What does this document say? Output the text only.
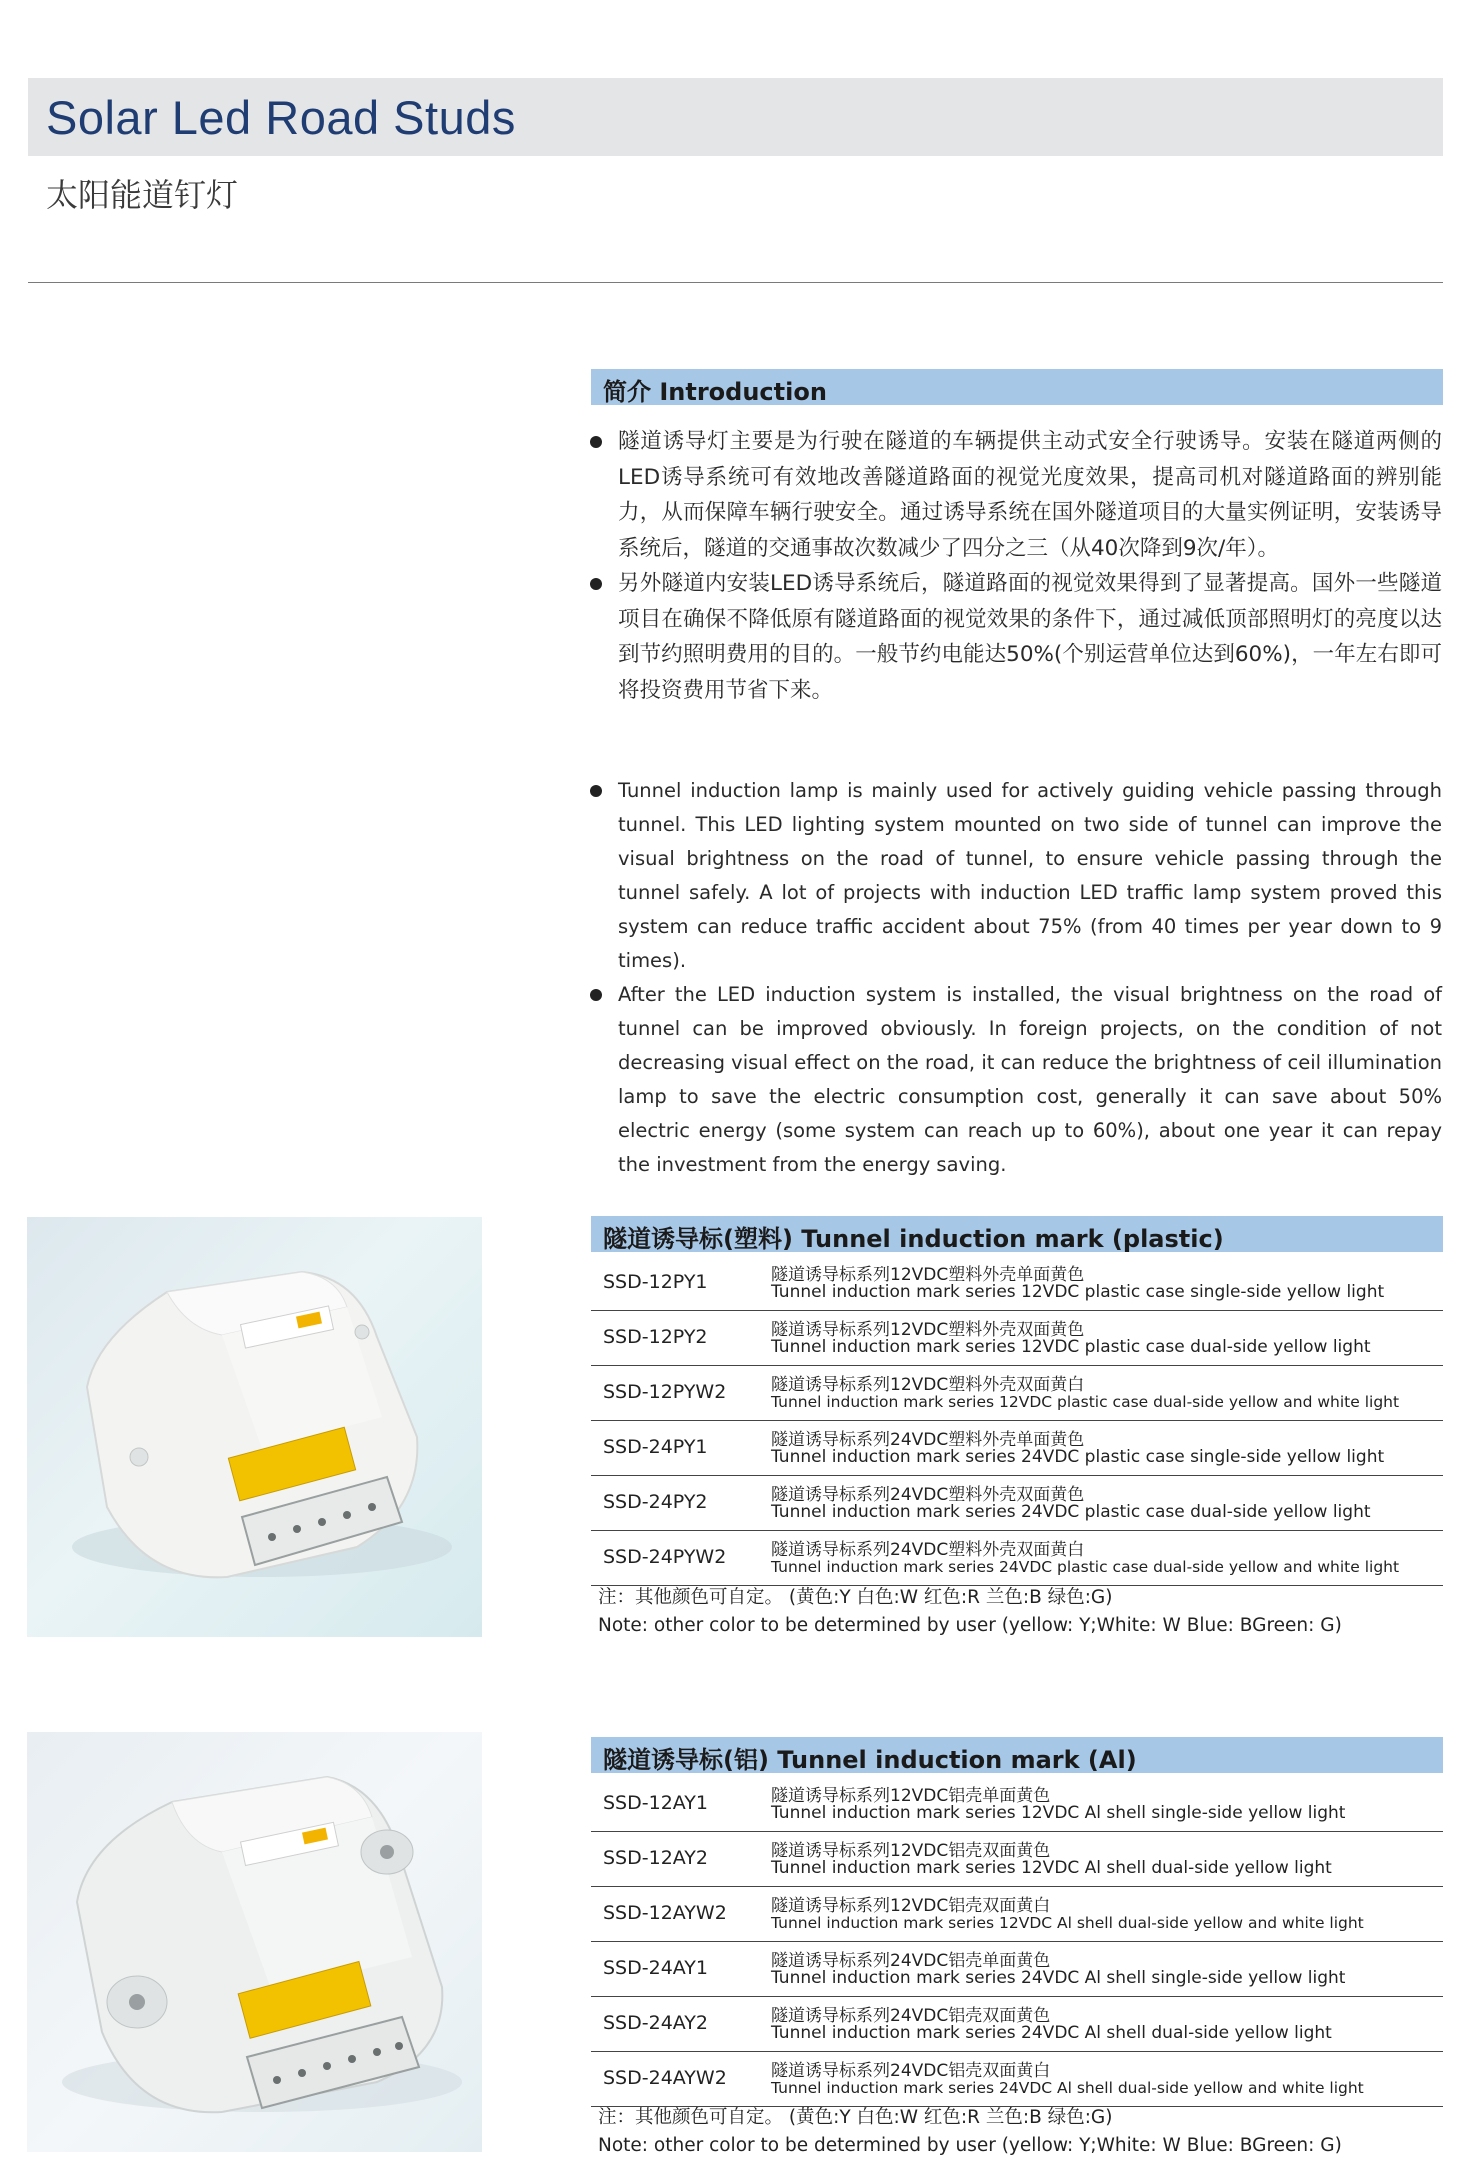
Solar Led Road Studs
太阳能道钉灯
简介 Introduction
隧道诱导灯主要是为行驶在隧道的车辆提供主动式安全行驶诱导。安装在隧道两侧的LED诱导系统可有效地改善隧道路面的视觉光度效果，提高司机对隧道路面的辨别能力，从而保障车辆行驶安全。通过诱导系统在国外隧道项目的大量实例证明，安装诱导系统后，隧道的交通事故次数减少了四分之三（从40次降到9次/年）。
另外隧道内安装LED诱导系统后，隧道路面的视觉效果得到了显著提高。国外一些隧道项目在确保不降低原有隧道路面的视觉效果的条件下，通过减低顶部照明灯的亮度以达到节约照明费用的目的。一般节约电能达50%(个别运营单位达到60%)，一年左右即可将投资费用节省下来。
Tunnel induction lamp is mainly used for actively guiding vehicle passing through tunnel. This LED lighting system mounted on two side of tunnel can improve the visual brightness on the road of tunnel, to ensure vehicle passing through the tunnel safely. A lot of projects with induction LED traffic lamp system proved this system can reduce traffic accident about 75% (from 40 times per year down to 9 times).
After the LED induction system is installed, the visual brightness on the road of tunnel can be improved obviously. In foreign projects, on the condition of not decreasing visual effect on the road, it can reduce the brightness of ceil illumination lamp to save the electric consumption cost, generally it can save about 50% electric energy (some system can reach up to 60%), about one year it can repay the investment from the energy saving.
隧道诱导标(塑料) Tunnel induction mark (plastic)
SSD-12PY1	隧道诱导标系列12VDC塑料外壳单面黄色
Tunnel induction mark series 12VDC plastic case single-side yellow light
SSD-12PY2	隧道诱导标系列12VDC塑料外壳双面黄色
Tunnel induction mark series 12VDC plastic case dual-side yellow light
SSD-12PYW2	隧道诱导标系列12VDC塑料外壳双面黄白
Tunnel induction mark series 12VDC plastic case dual-side yellow and white light
SSD-24PY1	隧道诱导标系列24VDC塑料外壳单面黄色
Tunnel induction mark series 24VDC plastic case single-side yellow light
SSD-24PY2	隧道诱导标系列24VDC塑料外壳双面黄色
Tunnel induction mark series 24VDC plastic case dual-side yellow light
SSD-24PYW2	隧道诱导标系列24VDC塑料外壳双面黄白
Tunnel induction mark series 24VDC plastic case dual-side yellow and white light
注：其他颜色可自定。 (黄色:Y 白色:W 红色:R 兰色:B 绿色:G)
Note: other color to be determined by user (yellow: Y;White: W Blue: BGreen: G)
隧道诱导标(铝) Tunnel induction mark (Al)
SSD-12AY1	隧道诱导标系列12VDC铝壳单面黄色
Tunnel induction mark series 12VDC Al shell single-side yellow light
SSD-12AY2	隧道诱导标系列12VDC铝壳双面黄色
Tunnel induction mark series 12VDC Al shell dual-side yellow light
SSD-12AYW2	隧道诱导标系列12VDC铝壳双面黄白
Tunnel induction mark series 12VDC Al shell dual-side yellow and white light
SSD-24AY1	隧道诱导标系列24VDC铝壳单面黄色
Tunnel induction mark series 24VDC Al shell single-side yellow light
SSD-24AY2	隧道诱导标系列24VDC铝壳双面黄色
Tunnel induction mark series 24VDC Al shell dual-side yellow light
SSD-24AYW2	隧道诱导标系列24VDC铝壳双面黄白
Tunnel induction mark series 24VDC Al shell dual-side yellow and white light
注：其他颜色可自定。 (黄色:Y 白色:W 红色:R 兰色:B 绿色:G)
Note: other color to be determined by user (yellow: Y;White: W Blue: BGreen: G)
